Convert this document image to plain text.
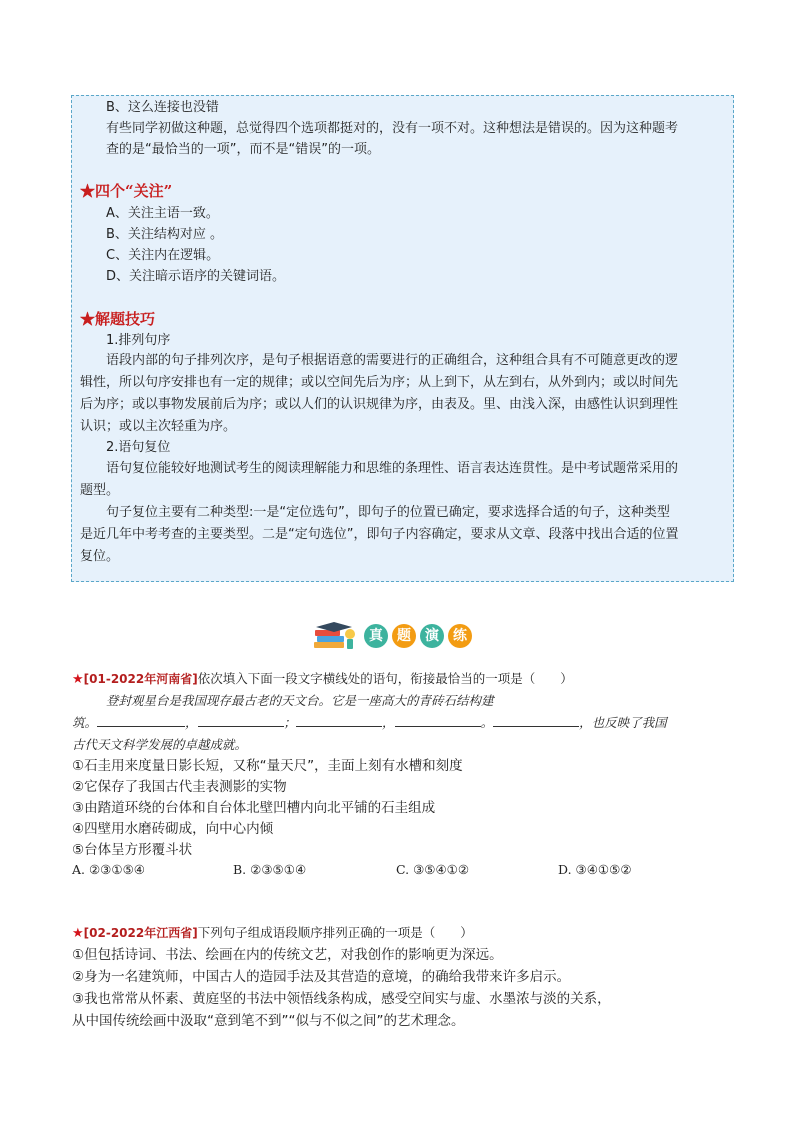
B、这么连接也没错
有些同学初做这种题，总觉得四个选项都挺对的，没有一项不对。这种想法是错误的。因为这种题考
查的是“最恰当的一项”，而不是“错误”的一项。
★四个“关注”
A、关注主语一致。
B、关注结构对应 。
C、关注内在逻辑。
D、关注暗示语序的关键词语。
★解题技巧
1.排列句序
语段内部的句子排列次序，是句子根据语意的需要进行的正确组合，这种组合具有不可随意更改的逻
辑性，所以句序安排也有一定的规律；或以空间先后为序；从上到下，从左到右，从外到内；或以时间先
后为序；或以事物发展前后为序；或以人们的认识规律为序，由表及。里、由浅入深，由感性认识到理性
认识；或以主次轻重为序。
2.语句复位
语句复位能较好地测试考生的阅读理解能力和思维的条理性、语言表达连贯性。是中考试题常采用的
题型。
句子复位主要有二种类型:一是“定位选句”，即句子的位置已确定，要求选择合适的句子，这种类型
是近几年中考考查的主要类型。二是“定句选位”，即句子内容确定，要求从文章、段落中找出合适的位置
复位。
真	题	演	练
★[01-2022年河南省]依次填入下面一段文字横线处的语句，衔接最恰当的一项是（　　）
登封观星台是我国现存最古老的天文台。它是一座高大的青砖石结构建
筑。	，	；	，	。	，也反映了我国
古代天文科学发展的卓越成就。
①石圭用来度量日影长短，又称“量天尺”，圭面上刻有水槽和刻度
②它保存了我国古代圭表测影的实物
③由踏道环绕的台体和自台体北壁凹槽内向北平铺的石圭组成
④四壁用水磨砖砌成，向中心内倾
⑤台体呈方形覆斗状
A. ②③①⑤④	B. ②③⑤①④	C. ③⑤④①②	D. ③④①⑤②
★[02-2022年江西省]下列句子组成语段顺序排列正确的一项是（　　）
①但包括诗词、书法、绘画在内的传统文艺，对我创作的影响更为深远。
②身为一名建筑师，中国古人的造园手法及其营造的意境，的确给我带来许多启示。
③我也常常从怀素、黄庭坚的书法中领悟线条构成，感受空间实与虚、水墨浓与淡的关系，
从中国传统绘画中汲取“意到笔不到”“似与不似之间”的艺术理念。
